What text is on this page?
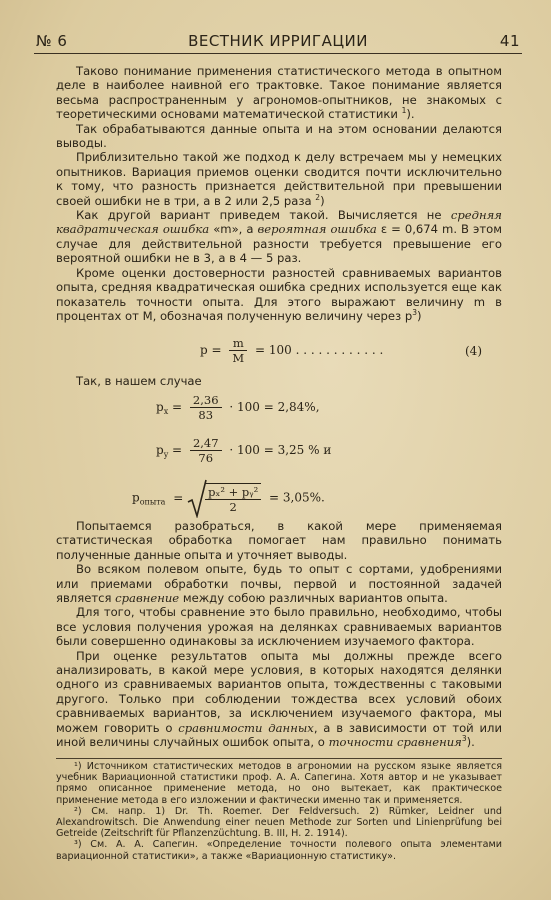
№ 6	ВЕСТНИК ИРРИГАЦИИ	41

Таково понимание применения статистического метода в опытном деле в наиболее наивной его трактовке. Такое понимание является весьма распространенным у агрономов-опытников, не знакомых с теоретическими основами математической статистики $^1$).

Так обрабатываются данные опыта и на этом основании делаются выводы.

Приблизительно такой же подход к делу встречаем мы у немецких опытников. Вариация приемов оценки сводится почти исключительно к тому, что разность признается действительной при превышении своей ошибки не в три, а в 2 или 2,5 раза $^2$)

Как другой вариант приведем такой. Вычисляется не средняя квадратическая ошибка «m», а вероятная ошибка ε = 0,674 m. В этом случае для действительной разности требуется превышение его вероятной ошибки не в 3, а в 4 — 5 раз.

Кроме оценки достоверности разностей сравниваемых вариантов опыта, средняя квадратическая ошибка средних используется еще как показатель точности опыта. Для этого выражают величину m в процентах от M, обозначая полученную величину через $p^3$)

$p = \frac{m}{M} = 100$ . . . . . . . . . . . .	(4)

Так, в нашем случае

$p_x = \frac{2,36}{83} \cdot 100 = 2,84\%$,
$p_y = \frac{2,47}{76} \cdot 100 = 3,25$ % и
$p_{опыта} = \frac{\text{pₓ² + pᵧ²}}{2} = 3,05\%$.

Попытаемся разобраться, в какой мере применяемая статистическая обработка помогает нам правильно понимать полученные данные опыта и уточняет выводы.

Во всяком полевом опыте, будь то опыт с сортами, удобрениями или приемами обработки почвы, первой и постоянной задачей является сравнение между собою различных вариантов опыта.

Для того, чтобы сравнение это было правильно, необходимо, чтобы все условия получения урожая на делянках сравниваемых вариантов были совершенно одинаковы за исключением изучаемого фактора.

При оценке результатов опыта мы должны прежде всего анализировать, в какой мере условия, в которых находятся делянки одного из сравниваемых вариантов опыта, тождественны с таковыми другого. Только при соблюдении тождества всех условий обоих сравниваемых вариантов, за исключением изучаемого фактора, мы можем говорить о сравнимости данных, а в зависимости от той или иной величины случайных ошибок опыта, о точности сравнения$^3$).

¹) Источником статистических методов в агрономии на русском языке является учебник Вариационной статистики проф. А. А. Сапегина. Хотя автор и не указывает прямо описанное применение метода, но оно вытекает, как практическое применение метода в его изложении и фактически именно так и применяется.

²) См. напр. 1) Dr. Th. Roemer. Der Feldversuch. 2) Rümker, Leidner und Alexandrowitsch. Die Anwendung einer neuen Methode zur Sorten und Linienprüfung bei Getreide (Zeitschrift für Pflanzenzüchtung. B. III, H. 2. 1914).

³) См. А. А. Сапегин. «Определение точности полевого опыта элементами вариационной статистики», а также «Вариационную статистику».
